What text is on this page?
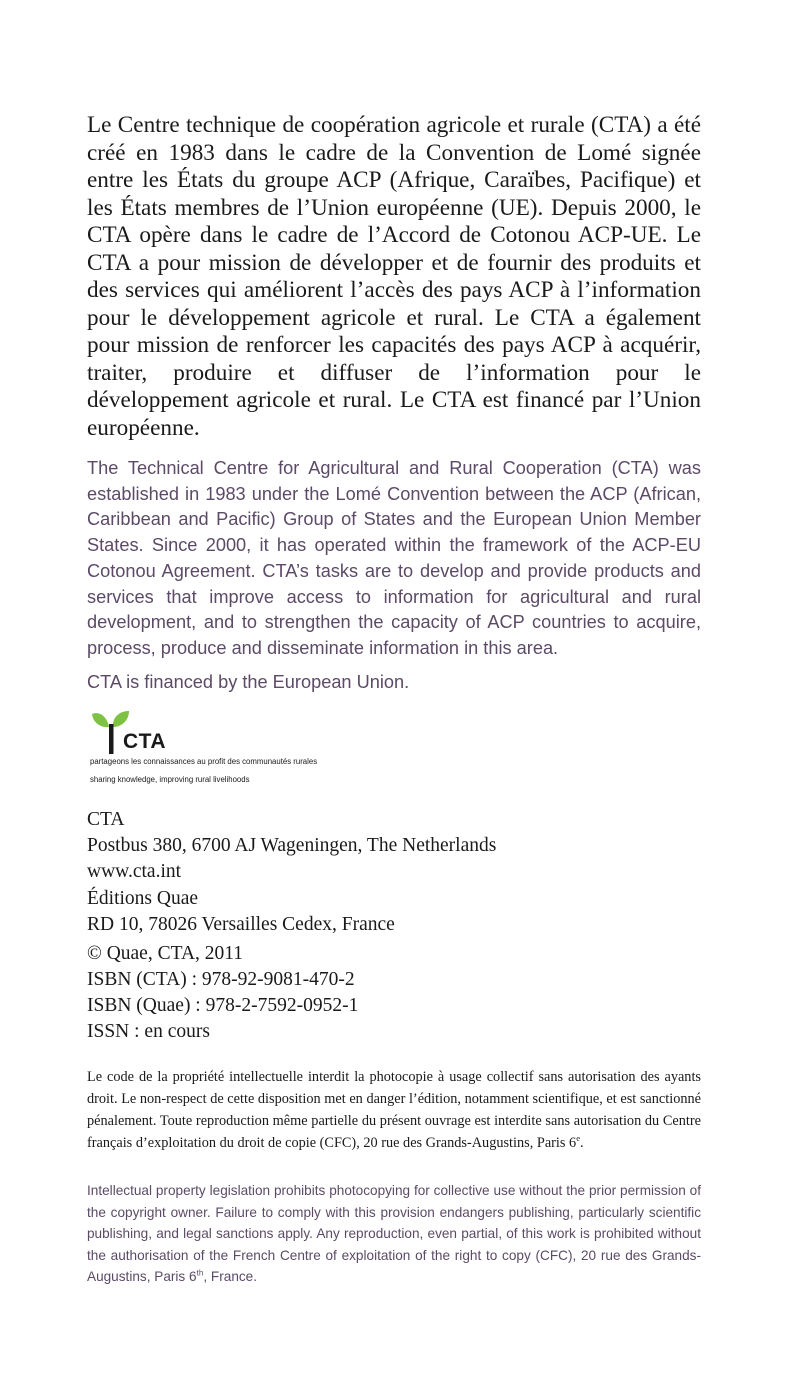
Le Centre technique de coopération agricole et rurale (CTA) a été créé en 1983 dans le cadre de la Convention de Lomé signée entre les États du groupe ACP (Afrique, Caraïbes, Pacifique) et les États membres de l’Union européenne (UE). Depuis 2000, le CTA opère dans le cadre de l’Accord de Cotonou ACP-UE. Le CTA a pour mission de développer et de fournir des produits et des services qui améliorent l’accès des pays ACP à l’information pour le développement agricole et rural. Le CTA a également pour mission de renforcer les capacités des pays ACP à acquérir, traiter, produire et diffuser de l’information pour le développement agricole et rural. Le CTA est financé par l’Union européenne.

The Technical Centre for Agricultural and Rural Cooperation (CTA) was established in 1983 under the Lomé Convention between the ACP (African, Caribbean and Pacific) Group of States and the European Union Member States. Since 2000, it has operated within the framework of the ACP-EU Cotonou Agreement. CTA’s tasks are to develop and provide products and services that improve access to information for agricultural and rural development, and to strengthen the capacity of ACP countries to acquire, process, produce and disseminate information in this area.

CTA is financed by the European Union.

CTA
partageons les connaissances au profit des communautés rurales
sharing knowledge, improving rural livelihoods
CTA
Postbus 380, 6700 AJ Wageningen, The Netherlands
www.cta.int
Éditions Quae
RD 10, 78026 Versailles Cedex, France
© Quae, CTA, 2011
ISBN (CTA) : 978-92-9081-470-2
ISBN (Quae) : 978-2-7592-0952-1
ISSN : en cours

Le code de la propriété intellectuelle interdit la photocopie à usage collectif sans autorisation des ayants droit. Le non-respect de cette disposition met en danger l’édition, notamment scientifique, et est sanctionné pénalement. Toute reproduction même partielle du présent ouvrage est interdite sans autorisation du Centre français d’exploitation du droit de copie (CFC), 20 rue des Grands-Augustins, Paris 6e.

Intellectual property legislation prohibits photocopying for collective use without the prior permission of the copyright owner. Failure to comply with this provision endangers publishing, particularly scientific publishing, and legal sanctions apply. Any reproduction, even partial, of this work is prohibited without the authorisation of the French Centre of exploitation of the right to copy (CFC), 20 rue des Grands-Augustins, Paris 6th, France.
